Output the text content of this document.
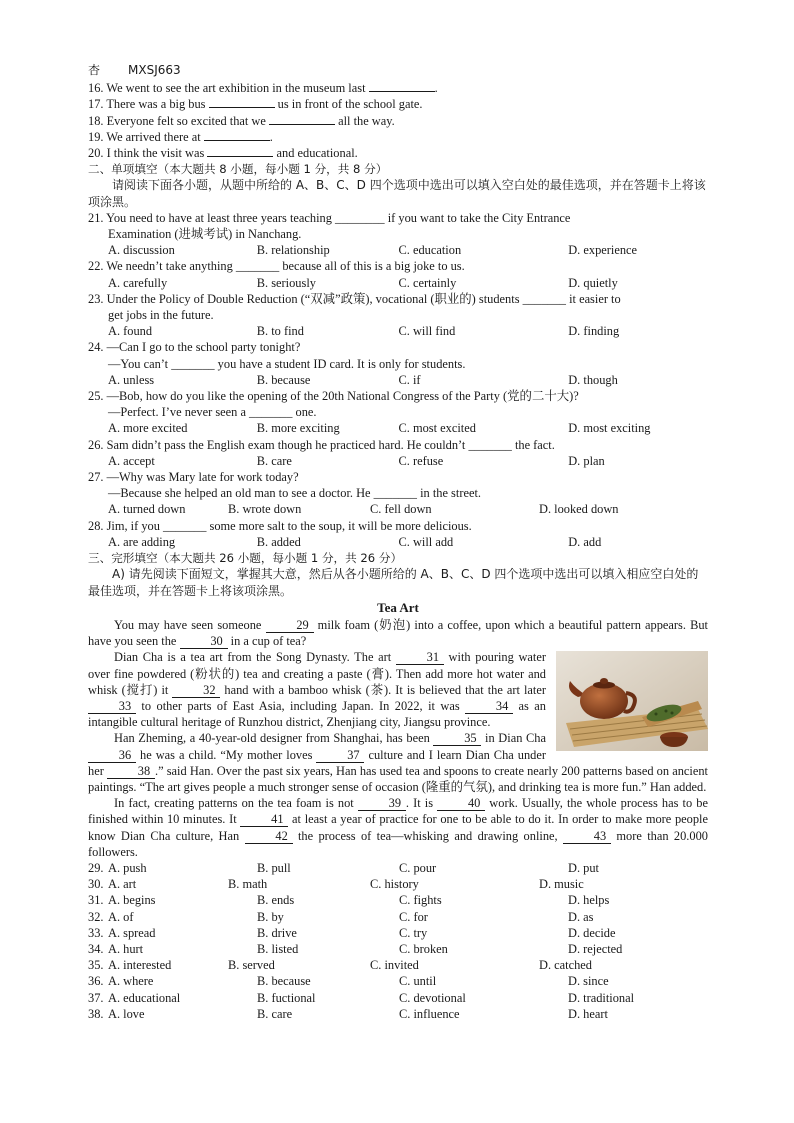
杏 MXSJ663
16. We went to see the art exhibition in the museum last	.
17. There was a big bus	us in front of the school gate.
18. Everyone felt so excited that we	all the way.
19. We arrived there at	.
20. I think the visit was	and educational.
二、单项填空（本大题共 8 小题，每小题 1 分，共 8 分）
请阅读下面各小题，从题中所给的 A、B、C、D 四个选项中选出可以填入空白处的最佳选项，并在答题卡上将该项涂黑。
21. You need to have at least three years teaching ________ if you want to take the City Entrance
Examination (进城考试) in Nanchang.
A. discussion	B. relationship	C. education	D. experience
22. We needn’t take anything _______ because all of this is a big joke to us.
A. carefully	B. seriously	C. certainly	D. quietly
23. Under the Policy of Double Reduction (“双减”政策), vocational (职业的) students _______ it easier to
get jobs in the future.
A. found	B. to find	C. will find	D. finding
24. —Can I go to the school party tonight?
—You can’t _______ you have a student ID card. It is only for students.
A. unless	B. because	C. if	D. though
25. —Bob, how do you like the opening of the 20th National Congress of the Party (党的二十大)?
—Perfect. I’ve never seen a _______ one.
A. more excited	B. more exciting	C. most excited	D. most exciting
26. Sam didn’t pass the English exam though he practiced hard. He couldn’t _______ the fact.
A. accept	B. care	C. refuse	D. plan
27. —Why was Mary late for work today?
—Because she helped an old man to see a doctor. He _______ in the street.
A. turned down	B. wrote down	C. fell down	D. looked down
28. Jim, if you _______ some more salt to the soup, it will be more delicious.
A. are adding	B. added	C. will add	D. add
三、完形填空（本大题共 26 小题，每小题 1 分，共 26 分）
A) 请先阅读下面短文，掌握其大意，然后从各小题所给的 A、B、C、D 四个选项中选出可以填入相应空白处的最佳选项，并在答题卡上将该项涂黑。
Tea Art
You may have seen someone 29 milk foam (奶泡) into a coffee, upon which a beautiful pattern appears. But have you seen the 30 in a cup of tea?
Dian Cha is a tea art from the Song Dynasty. The art 31 with pouring water over fine powdered (粉状的) tea and creating a paste (膏). Then add more hot water and whisk (搅打) it 32 hand with a bamboo whisk (茶). It is believed that the art later 33 to other parts of East Asia, including Japan. In 2022, it was 34 as an intangible cultural heritage of Runzhou district, Zhenjiang city, Jiangsu province.
Han Zheming, a 40-year-old designer from Shanghai, has been 35 in Dian Cha 36 he was a child. “My mother loves 37 culture and I learn Dian Cha under her 38 .” said Han. Over the past six years, Han has used tea and spoons to create nearly 200 patterns based on ancient paintings. “The art gives people a much stronger sense of occasion (隆重的气氛), and drinking tea is more fun.” Han added.
In fact, creating patterns on the tea foam is not 39 . It is 40 work. Usually, the whole process has to be finished within 10 minutes. It 41 at least a year of practice for one to be able to do it. In order to make more people know Dian Cha culture, Han 42 the process of tea—whisking and drawing online, 43 more than 20.000 followers.
29. A. push	B. pull	C. pour	D. put
30. A. art	B. math	C. history	D. music
31. A. begins	B. ends	C. fights	D. helps
32. A. of	B. by	C. for	D. as
33. A. spread	B. drive	C. try	D. decide
34. A. hurt	B. listed	C. broken	D. rejected
35. A. interested	B. served	C. invited	D. catched
36. A. where	B. because	C. until	D. since
37. A. educational	B. fuctional	C. devotional	D. traditional
38. A. love	B. care	C. influence	D. heart
